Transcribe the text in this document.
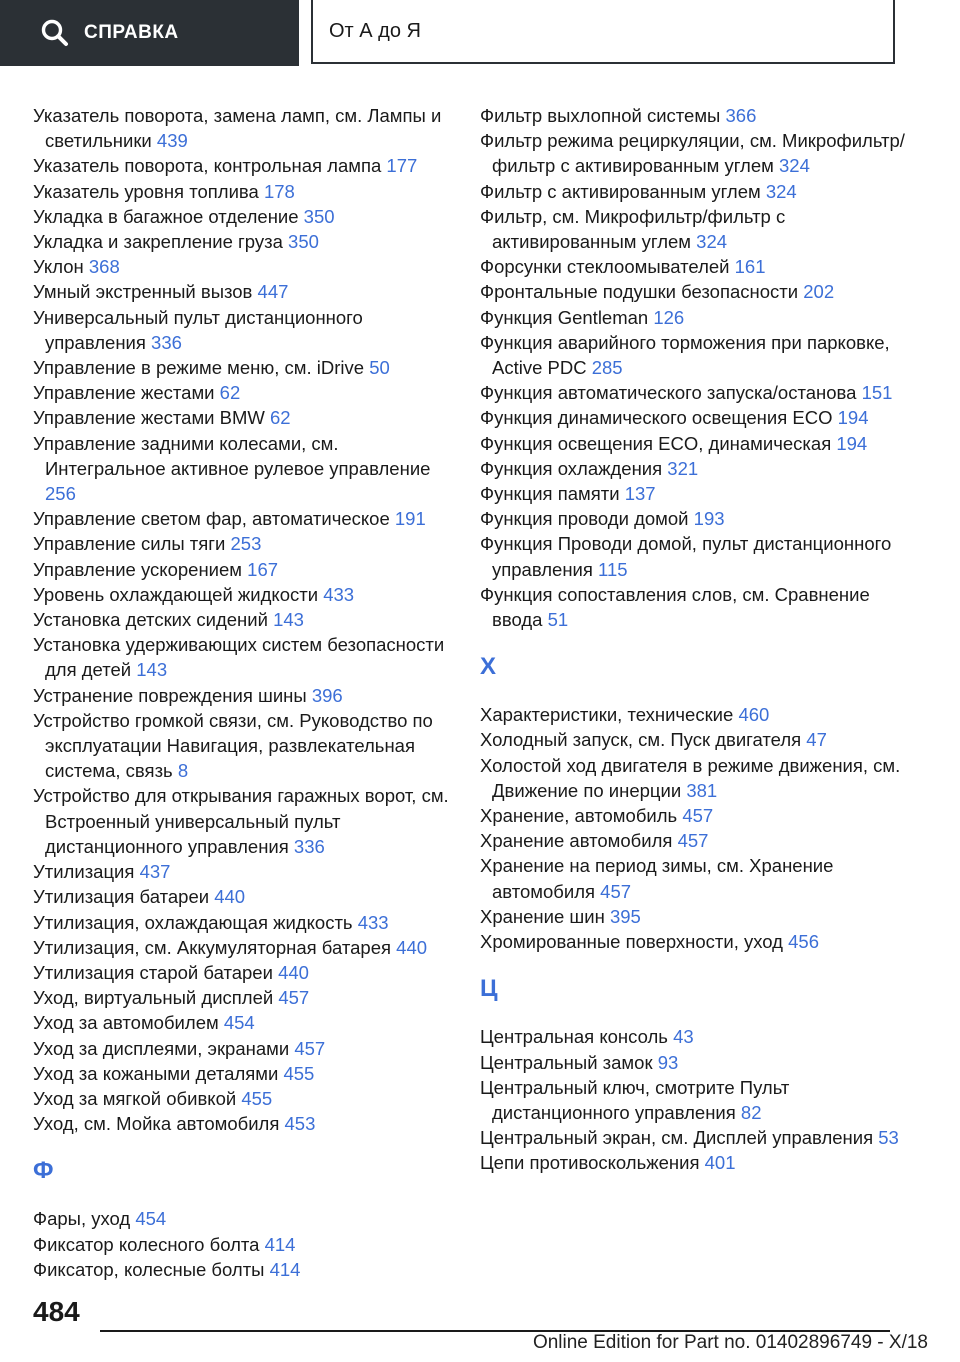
СПРАВКА	От А до Я
Указатель поворота, замена ламп, см. Лампы и светильники 439
Указатель поворота, контрольная лампа 177
Указатель уровня топлива 178
Укладка в багажное отделение 350
Укладка и закрепление груза 350
Уклон 368
Умный экстренный вызов 447
Универсальный пульт дистанционного управления 336
Управление в режиме меню, см. iDrive 50
Управление жестами 62
Управление жестами BMW 62
Управление задними колесами, см. Интегральное активное рулевое управление 256
Управление светом фар, автоматическое 191
Управление силы тяги 253
Управление ускорением 167
Уровень охлаждающей жидкости 433
Установка детских сидений 143
Установка удерживающих систем безопасности для детей 143
Устранение повреждения шины 396
Устройство громкой связи, см. Руководство по эксплуатации Навигация, развлекательная система, связь 8
Устройство для открывания гаражных ворот, см. Встроенный универсальный пульт дистанционного управления 336
Утилизация 437
Утилизация батареи 440
Утилизация, охлаждающая жидкость 433
Утилизация, см. Аккумуляторная батарея 440
Утилизация старой батареи 440
Уход, виртуальный дисплей 457
Уход за автомобилем 454
Уход за дисплеями, экранами 457
Уход за кожаными деталями 455
Уход за мягкой обивкой 455
Уход, см. Мойка автомобиля 453
Ф
Фары, уход 454
Фиксатор колесного болта 414
Фиксатор, колесные болты 414
Фильтр выхлопной системы 366
Фильтр режима рециркуляции, см. Микрофильтр/фильтр с активированным углем 324
Фильтр с активированным углем 324
Фильтр, см. Микрофильтр/фильтр с активированным углем 324
Форсунки стеклоомывателей 161
Фронтальные подушки безопасности 202
Функция Gentleman 126
Функция аварийного торможения при парковке, Active PDC 285
Функция автоматического запуска/останова 151
Функция динамического освещения ECO 194
Функция освещения ECO, динамическая 194
Функция охлаждения 321
Функция памяти 137
Функция проводи домой 193
Функция Проводи домой, пульт дистанционного управления 115
Функция сопоставления слов, см. Сравнение ввода 51
Х
Характеристики, технические 460
Холодный запуск, см. Пуск двигателя 47
Холостой ход двигателя в режиме движения, см. Движение по инерции 381
Хранение, автомобиль 457
Хранение автомобиля 457
Хранение на период зимы, см. Хранение автомобиля 457
Хранение шин 395
Хромированные поверхности, уход 456
Ц
Центральная консоль 43
Центральный замок 93
Центральный ключ, смотрите Пульт дистанционного управления 82
Центральный экран, см. Дисплей управления 53
Цепи противоскольжения 401
484
Online Edition for Part no. 01402896749 - X/18
